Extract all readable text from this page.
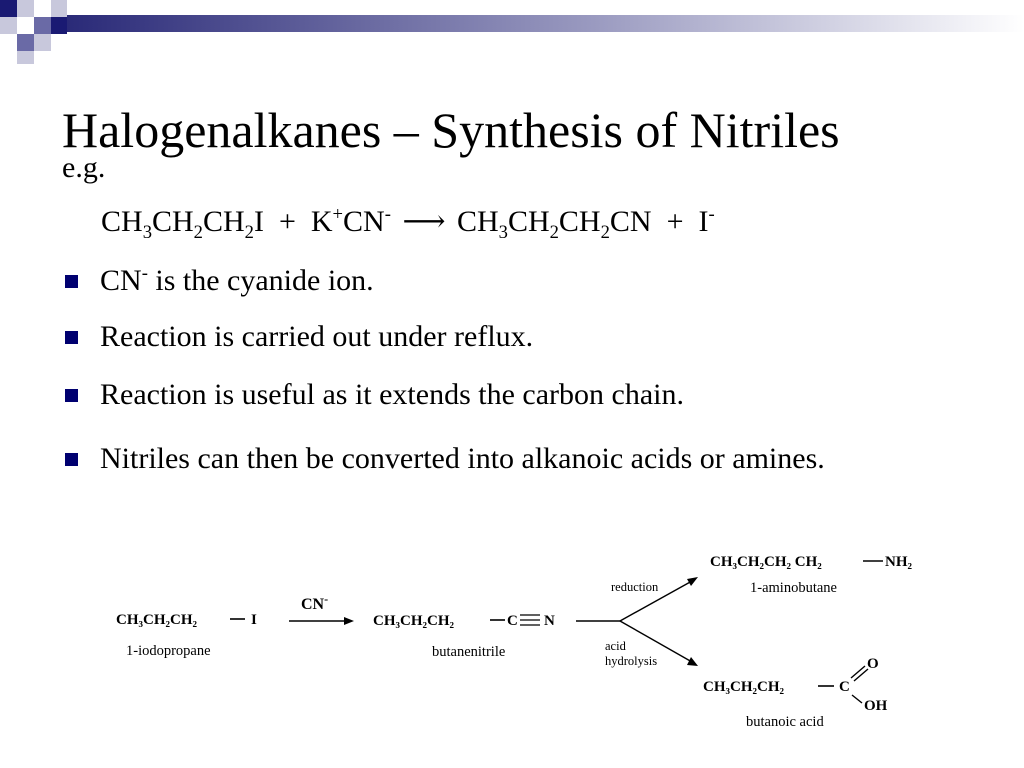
Halogenalkanes – Synthesis of Nitriles
e.g.
$CH_3CH_2CH_2I + K^+CN^-$ ⟶ $CH_3CH_2CH_2CN + I^-$
CN- is the cyanide ion.
Reaction is carried out under reflux.
Reaction is useful as it extends the carbon chain.
Nitriles can then be converted into alkanoic acids or amines.
CH₃CH₂CH₂	I
1-iodopropane
CN-
CH₃CH₂CH₂	C N
butanenitrile
reduction
acid
hydrolysis
CH₃CH₂CH₂ CH₂	NH₂
1-aminobutane
CH₃CH₂CH₂	C
O
OH
butanoic acid
